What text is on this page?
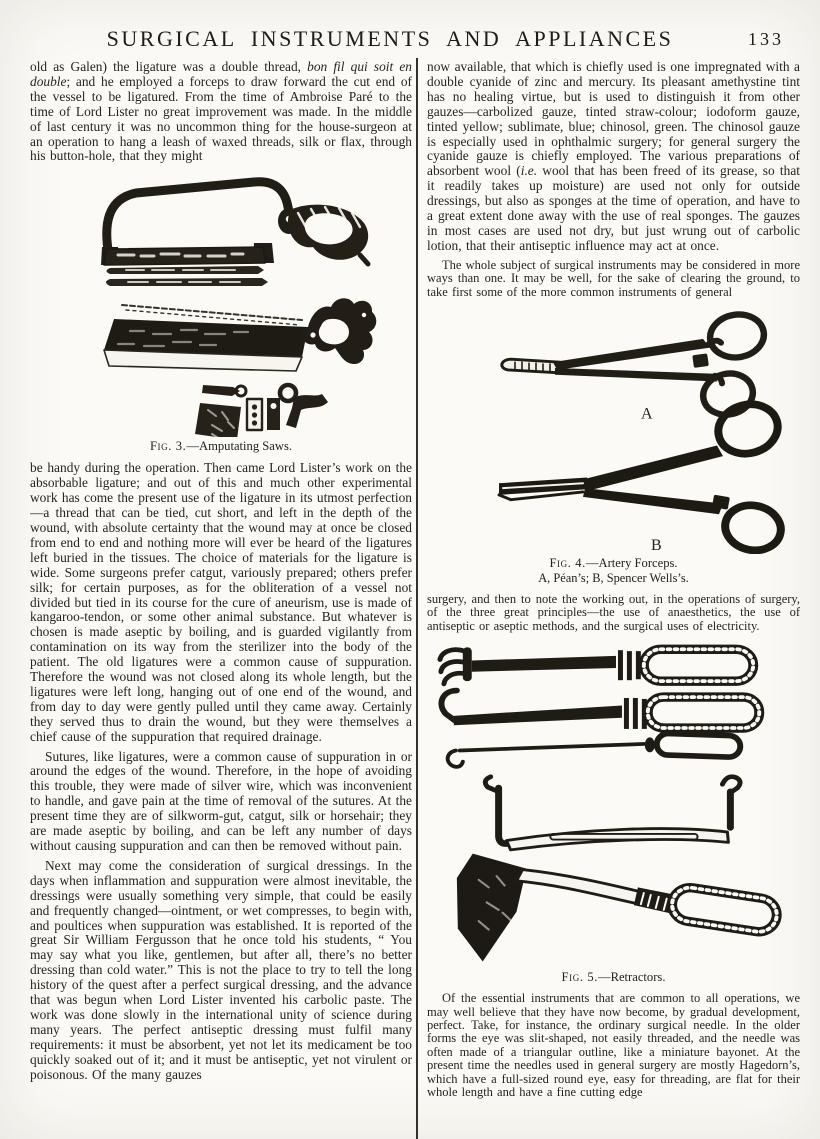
SURGICAL INSTRUMENTS AND APPLIANCES	133

old as Galen) the ligature was a double thread, bon fil qui soit en double; and he employed a forceps to draw forward the cut end of the vessel to be ligatured. From the time of Ambroise Paré to the time of Lord Lister no great improvement was made. In the middle of last century it was no uncommon thing for the house-surgeon at an operation to hang a leash of waxed threads, silk or flax, through his button-hole, that they might

Fig. 3.—Amputating Saws.

be handy during the operation. Then came Lord Lister’s work on the absorbable ligature; and out of this and much other experimental work has come the present use of the ligature in its utmost perfection—a thread that can be tied, cut short, and left in the depth of the wound, with absolute certainty that the wound may at once be closed from end to end and nothing more will ever be heard of the ligatures left buried in the tissues. The choice of materials for the ligature is wide. Some surgeons prefer catgut, variously prepared; others prefer silk; for certain purposes, as for the obliteration of a vessel not divided but tied in its course for the cure of aneurism, use is made of kangaroo-tendon, or some other animal substance. But whatever is chosen is made aseptic by boiling, and is guarded vigilantly from contamination on its way from the sterilizer into the body of the patient. The old ligatures were a common cause of suppuration. Therefore the wound was not closed along its whole length, but the ligatures were left long, hanging out of one end of the wound, and from day to day were gently pulled until they came away. Certainly they served thus to drain the wound, but they were themselves a chief cause of the suppuration that required drainage.

Sutures, like ligatures, were a common cause of suppuration in or around the edges of the wound. Therefore, in the hope of avoiding this trouble, they were made of silver wire, which was inconvenient to handle, and gave pain at the time of removal of the sutures. At the present time they are of silkworm-gut, catgut, silk or horsehair; they are made aseptic by boiling, and can be left any number of days without causing suppuration and can then be removed without pain.

Next may come the consideration of surgical dressings. In the days when inflammation and suppuration were almost inevitable, the dressings were usually something very simple, that could be easily and frequently changed—ointment, or wet compresses, to begin with, and poultices when suppuration was established. It is reported of the great Sir William Fergusson that he once told his students, “ You may say what you like, gentlemen, but after all, there’s no better dressing than cold water.” This is not the place to try to tell the long history of the quest after a perfect surgical dressing, and the advance that was begun when Lord Lister invented his carbolic paste. The work was done slowly in the international unity of science during many years. The perfect antiseptic dressing must fulfil many requirements: it must be absorbent, yet not let its medicament be too quickly soaked out of it; and it must be antiseptic, yet not virulent or poisonous. Of the many gauzes

now available, that which is chiefly used is one impregnated with a double cyanide of zinc and mercury. Its pleasant amethystine tint has no healing virtue, but is used to distinguish it from other gauzes—carbolized gauze, tinted straw-colour; iodoform gauze, tinted yellow; sublimate, blue; chinosol, green. The chinosol gauze is especially used in ophthalmic surgery; for general surgery the cyanide gauze is chiefly employed. The various preparations of absorbent wool (i.e. wool that has been freed of its grease, so that it readily takes up moisture) are used not only for outside dressings, but also as sponges at the time of operation, and have to a great extent done away with the use of real sponges. The gauzes in most cases are used not dry, but just wrung out of carbolic lotion, that their antiseptic influence may act at once.

The whole subject of surgical instruments may be considered in more ways than one. It may be well, for the sake of clearing the ground, to take first some of the more common instruments of general

A
B
Fig. 4.—Artery Forceps.
A, Péan’s; B, Spencer Wells’s.

surgery, and then to note the working out, in the operations of surgery, of the three great principles—the use of anaesthetics, the use of antiseptic or aseptic methods, and the surgical uses of electricity.

Fig. 5.—Retractors.

Of the essential instruments that are common to all operations, we may well believe that they have now become, by gradual development, perfect. Take, for instance, the ordinary surgical needle. In the older forms the eye was slit-shaped, not easily threaded, and the needle was often made of a triangular outline, like a miniature bayonet. At the present time the needles used in general surgery are mostly Hagedorn’s, which have a full-sized round eye, easy for threading, are flat for their whole length and have a fine cutting edge
